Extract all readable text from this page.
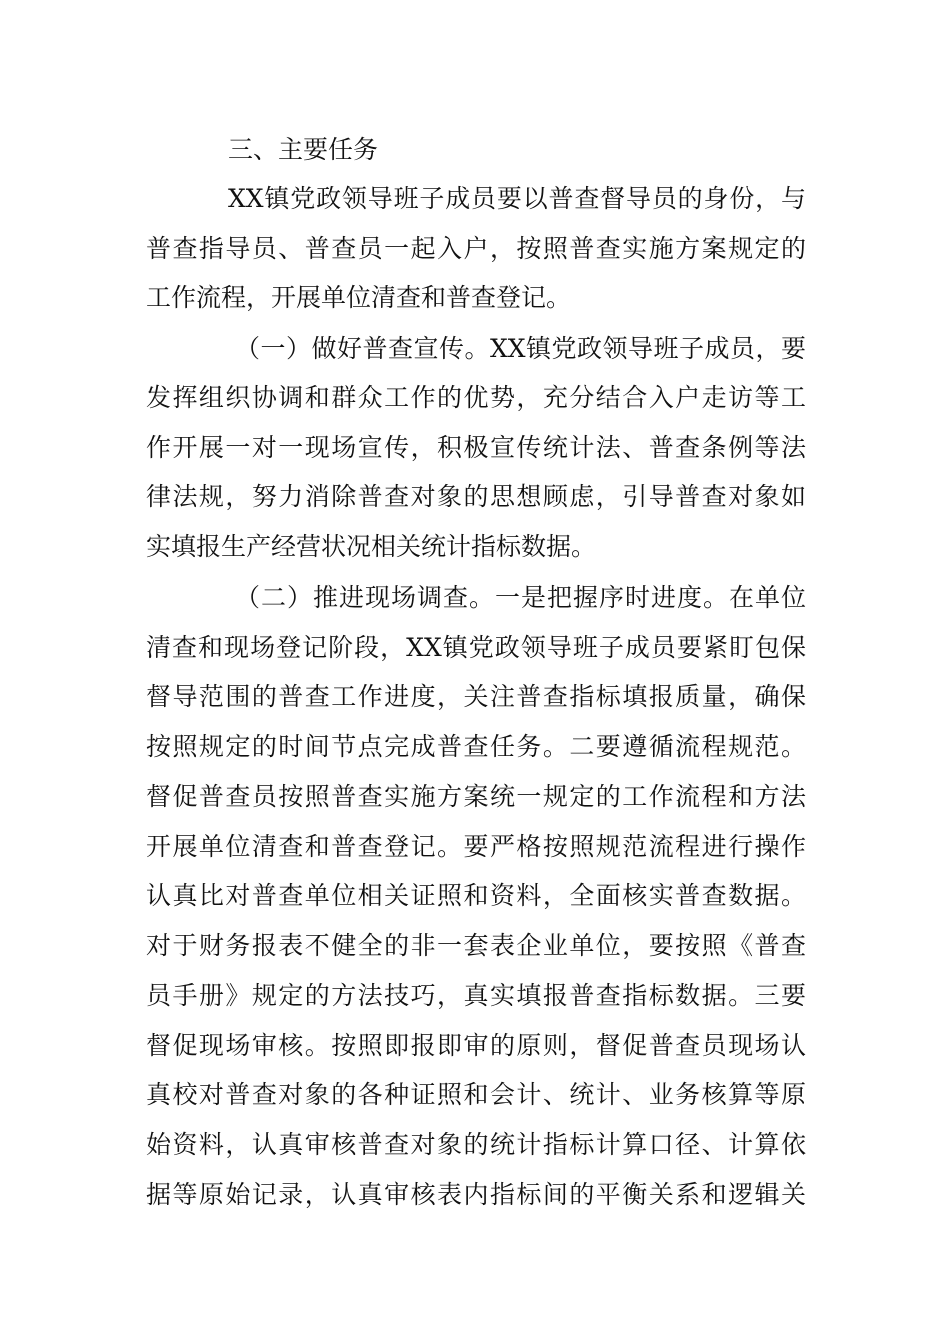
三、主要任务
XX镇党政领导班子成员要以普查督导员的身份，与
普查指导员、普查员一起入户，按照普查实施方案规定的
工作流程，开展单位清查和普查登记。
（一）做好普查宣传。XX镇党政领导班子成员，要
发挥组织协调和群众工作的优势，充分结合入户走访等工
作开展一对一现场宣传，积极宣传统计法、普查条例等法
律法规，努力消除普查对象的思想顾虑，引导普查对象如
实填报生产经营状况相关统计指标数据。
（二）推进现场调查。一是把握序时进度。在单位
清查和现场登记阶段，XX镇党政领导班子成员要紧盯包保
督导范围的普查工作进度，关注普查指标填报质量，确保
按照规定的时间节点完成普查任务。二要遵循流程规范。
督促普查员按照普查实施方案统一规定的工作流程和方法
开展单位清查和普查登记。要严格按照规范流程进行操作
认真比对普查单位相关证照和资料，全面核实普查数据。
对于财务报表不健全的非一套表企业单位，要按照《普查
员手册》规定的方法技巧，真实填报普查指标数据。三要
督促现场审核。按照即报即审的原则，督促普查员现场认
真校对普查对象的各种证照和会计、统计、业务核算等原
始资料，认真审核普查对象的统计指标计算口径、计算依
据等原始记录，认真审核表内指标间的平衡关系和逻辑关
